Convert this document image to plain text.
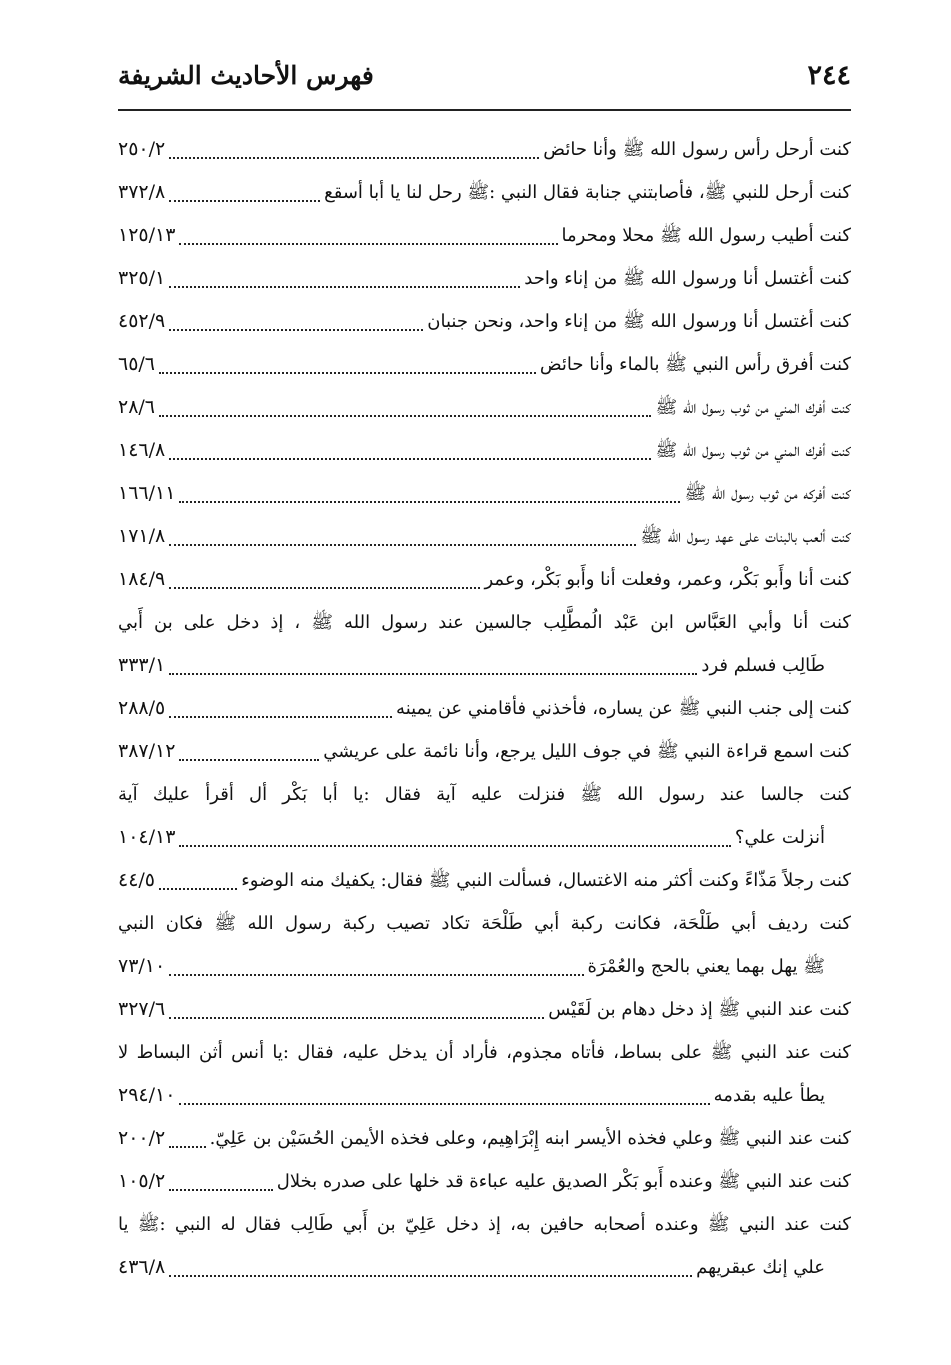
٢٤٤
فهرس الأحاديث الشريفة
كنت أرحل رأس رسول الله ﷺ وأنا حائض
٢٥٠/٢
كنت أرحل للنبي ﷺ، فأصابتني جنابة فقال النبي :ﷺ رحل لنا يا أبا أسقع
٣٧٢/٨
كنت أطيب رسول الله ﷺ محلا ومحرما
١٢٥/١٣
كنت أغتسل أنا ورسول الله ﷺ من إناء واحد
٣٢٥/١
كنت أغتسل أنا ورسول الله ﷺ من إناء واحد، ونحن جنبان
٤٥٢/٩
كنت أفرق رأس النبي ﷺ بالماء وأنا حائض
٦٥/٦
كنت أفرك المني من ثوب رسول الله ﷺ
٢٨/٦
كنت أفرك المني من ثوب رسول الله ﷺ
١٤٦/٨
كنت أفركه من ثوب رسول الله ﷺ
١٦٦/١١
كنت ألعب بالبنات على عهد رسول الله ﷺ
١٧١/٨
كنت أنا وأَبو بَكْر، وعمر، وفعلت أنا وأَبو بَكْر، وعمر
١٨٤/٩
كنت أنا وأبي العَبَّاس ابن عَبْد الُمطَّلِب جالسين عند رسول الله ﷺ ، إذ دخل على بن أَبي
طَالِب فسلم فرد
٣٣٣/١
كنت إلى جنب النبي ﷺ عن يساره، فأخذني فأقامني عن يمينه
٢٨٨/٥
كنت اسمع قراءة النبي ﷺ في جوف الليل يرجع، وأنا نائمة على عريشي
٣٨٧/١٢
كنت جالسا عند رسول الله ﷺ فنزلت عليه آية فقال :يا أبا بَكْر أل أقرأ عليك آية
أنزلت علي؟
١٠٤/١٣
كنت رجلاً مَذّاءً وكنت أكثر منه الاغتسال، فسألت النبي ﷺ فقال: يكفيك منه الوضوء
٤٤/٥
كنت رديف أبي طَلْحَة، فكانت ركبة أبي طَلْحَة تكاد تصيب ركبة رسول الله ﷺ فكان النبي
ﷺ يهل بهما يعني بالحج والعُمْرَة
٧٣/١٠
كنت عند النبي ﷺ إذ دخل دهام بن لَقَيْس
٣٢٧/٦
كنت عند النبي ﷺ على بساط، فأتاه مجذوم، فأراد أن يدخل عليه، فقال :يا أنس أثن البساط لا
يطأ عليه بقدمه
٢٩٤/١٠
كنت عند النبي ﷺ وعلي فخذه الأيسر ابنه إِبْرَاهِيم، وعلى فخذه الأيمن الحُسَيْن بن عَلِيّ.
٢٠٠/٢
كنت عند النبي ﷺ وعنده أَبو بَكْر الصديق عليه عباءة قد خلها على صدره بخلال
١٠٥/٢
كنت عند النبي ﷺ وعنده أصحابه حافين به، إذ دخل عَلِيّ بن أَبي طَالِب فقال له النبي :ﷺ يا
علي إنك عبقريهم
٤٣٦/٨
